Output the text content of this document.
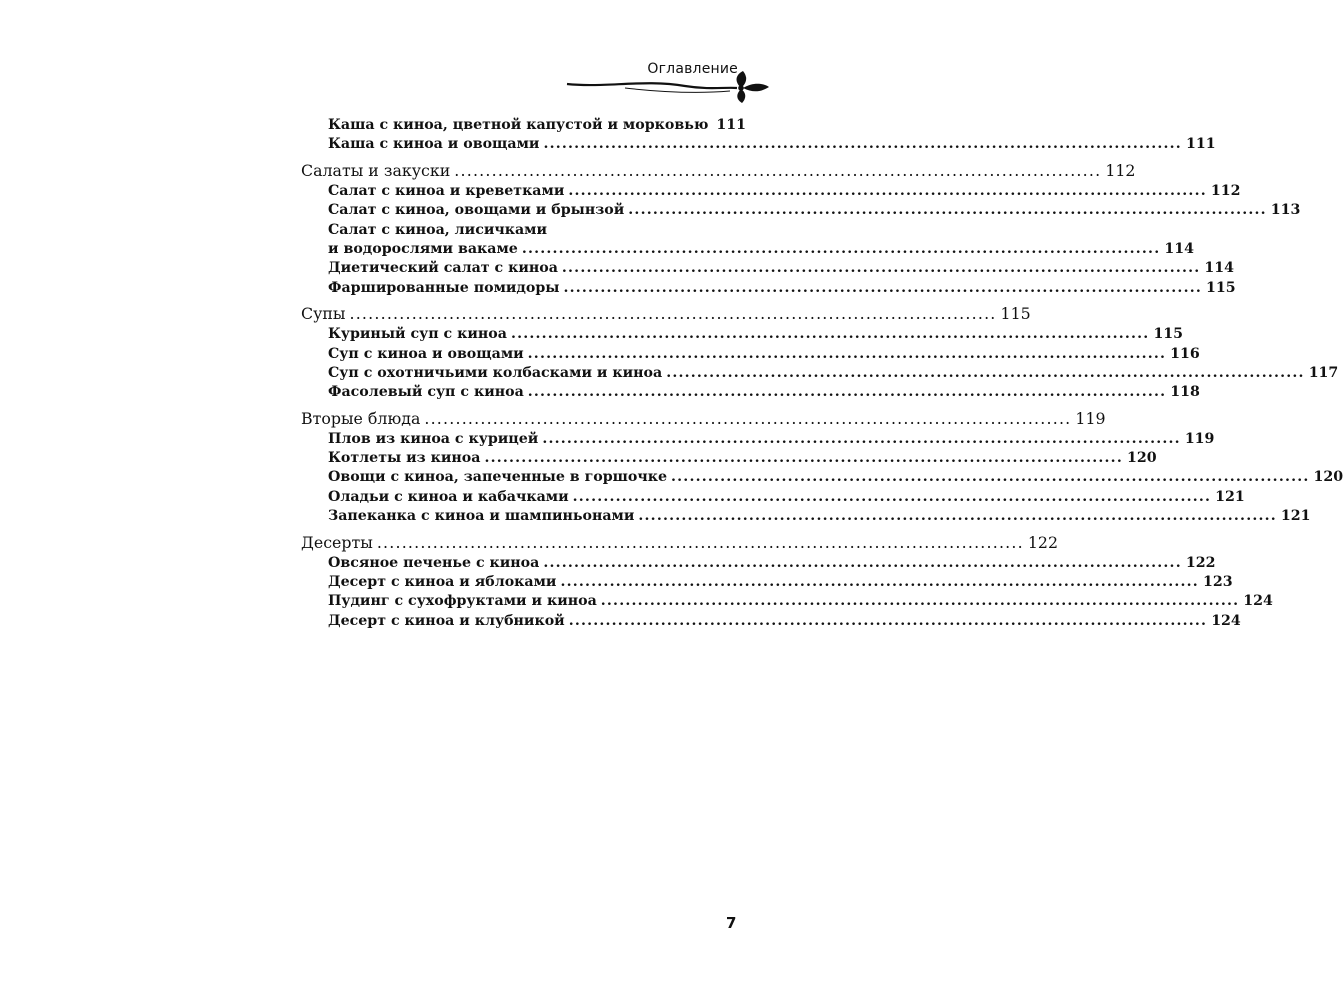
Оглавление
Каша с киноа, цветной капустой и морковью 111
Каша с киноа и овощами .....	111
Салаты и закуски .....	112
Салат с киноа и креветками .....	112
Салат с киноа, овощами и брынзой .....	113
Салат с киноа, лисичками
и водорослями вакаме .....	114
Диетический салат с киноа .....	114
Фаршированные помидоры .....	115
Супы .....	115
Куриный суп с киноа .....	115
Суп с киноа и овощами .....	116
Суп с охотничьими колбасками и киноа .....	117
Фасолевый суп с киноа .....	118
Вторые блюда .....	119
Плов из киноа с курицей .....	119
Котлеты из киноа .....	120
Овощи с киноа, запеченные в горшочке .....	120
Оладьи с киноа и кабачками .....	121
Запеканка с киноа и шампиньонами .....	121
Десерты .....	122
Овсяное печенье с киноа .....	122
Десерт с киноа и яблоками .....	123
Пудинг с сухофруктами и киноа .....	124
Десерт с киноа и клубникой .....	124
7
